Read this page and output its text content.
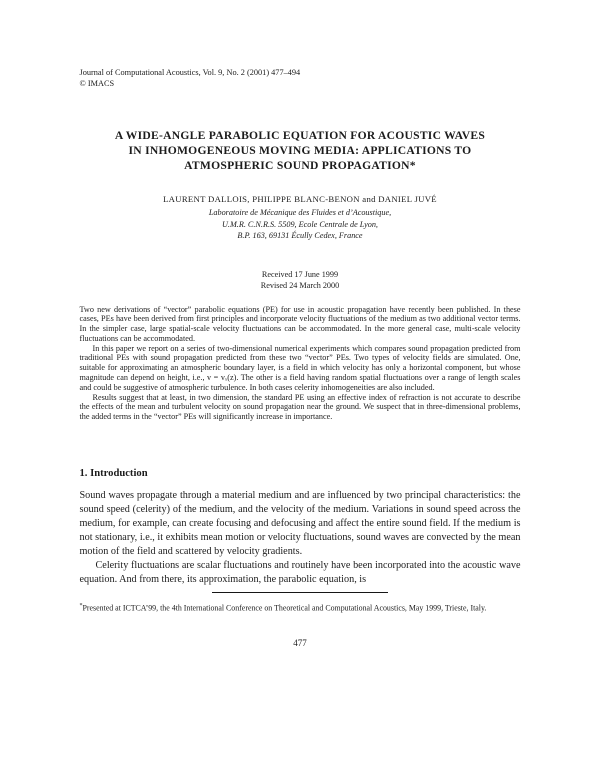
Journal of Computational Acoustics, Vol. 9, No. 2 (2001) 477–494
© IMACS
A WIDE-ANGLE PARABOLIC EQUATION FOR ACOUSTIC WAVES
IN INHOMOGENEOUS MOVING MEDIA: APPLICATIONS TO
ATMOSPHERIC SOUND PROPAGATION*
LAURENT DALLOIS, PHILIPPE BLANC-BENON and DANIEL JUVÉ
Laboratoire de Mécanique des Fluides et d’Acoustique,
U.M.R. C.N.R.S. 5509, Ecole Centrale de Lyon,
B.P. 163, 69131 Écully Cedex, France
Received 17 June 1999
Revised 24 March 2000

Two new derivations of “vector” parabolic equations (PE) for use in acoustic propagation have recently been published. In these cases, PEs have been derived from first principles and incorporate velocity fluctuations of the medium as two additional vector terms. In the simpler case, large spatial-scale velocity fluctuations can be accommodated. In the more general case, multi-scale velocity fluctuations can be accommodated.

In this paper we report on a series of two-dimensional numerical experiments which compares sound propagation predicted from traditional PEs with sound propagation predicted from these two “vector” PEs. Two types of velocity fields are simulated. One, suitable for approximating an atmospheric boundary layer, is a field in which velocity has only a horizontal component, but whose magnitude can depend on height, i.e., v = vₓ(z). The other is a field having random spatial fluctuations over a range of length scales and could be suggestive of atmospheric turbulence. In both cases celerity inhomogeneities are also included.

Results suggest that at least, in two dimension, the standard PE using an effective index of refraction is not accurate to describe the effects of the mean and turbulent velocity on sound propagation near the ground. We suspect that in three-dimensional problems, the added terms in the “vector” PEs will significantly increase in importance.

1. Introduction

Sound waves propagate through a material medium and are influenced by two principal characteristics: the sound speed (celerity) of the medium, and the velocity of the medium. Variations in sound speed across the medium, for example, can create focusing and defocusing and affect the entire sound field. If the medium is not stationary, i.e., it exhibits mean motion or velocity fluctuations, sound waves are convected by the mean motion of the field and scattered by velocity gradients.

Celerity fluctuations are scalar fluctuations and routinely have been incorporated into the acoustic wave equation. And from there, its approximation, the parabolic equation, is

*Presented at ICTCA’99, the 4th International Conference on Theoretical and Computational Acoustics, May 1999, Trieste, Italy.
477
